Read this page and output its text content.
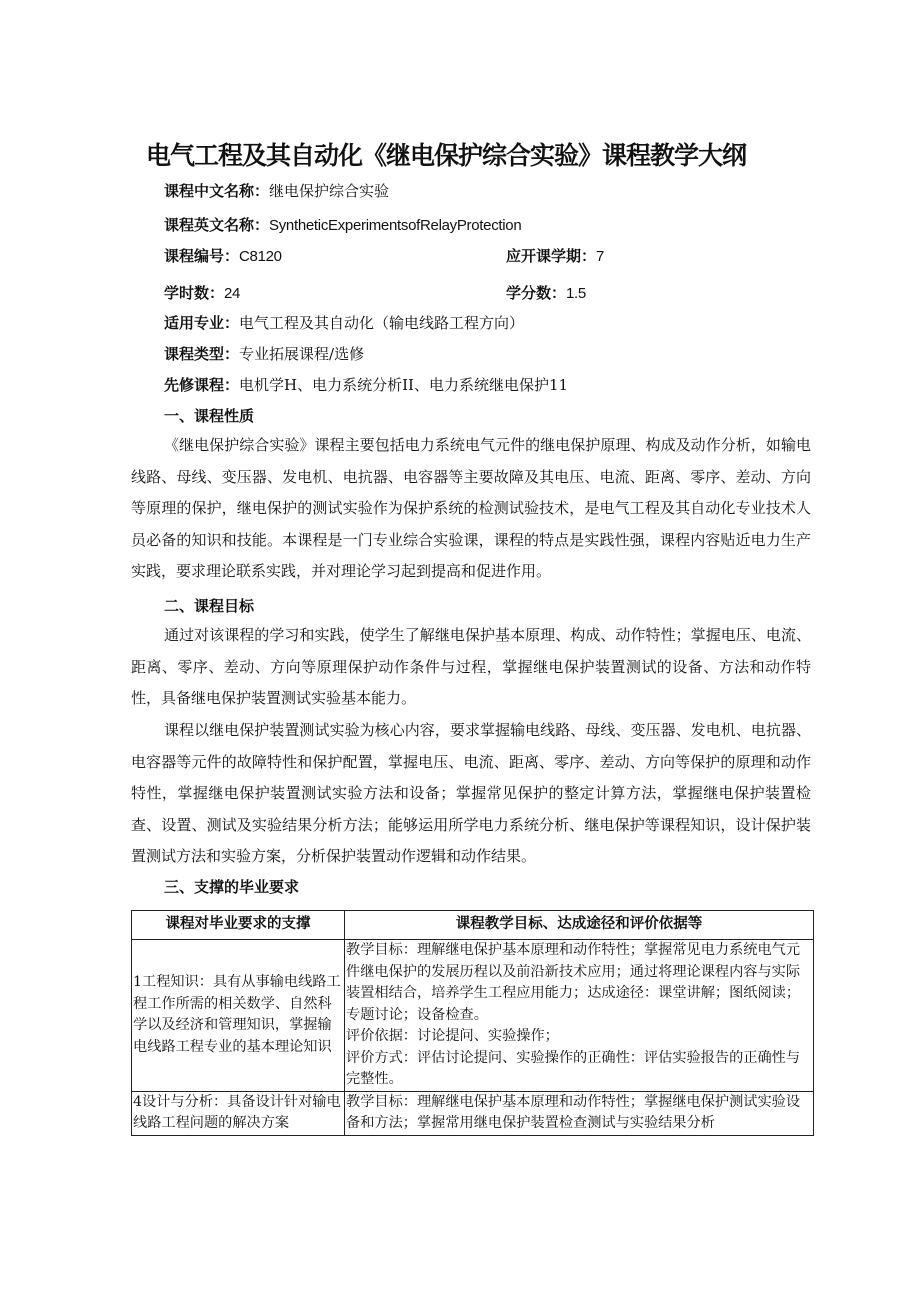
电气工程及其自动化《继电保护综合实验》课程教学大纲
课程中文名称：继电保护综合实验
课程英文名称：SyntheticExperimentsofRelayProtection
课程编号：C8120	应开课学期：7
学时数：24	学分数：1.5
适用专业：电气工程及其自动化（输电线路工程方向）
课程类型：专业拓展课程/选修
先修课程：电机学H、电力系统分析II、电力系统继电保护11
一、课程性质

《继电保护综合实验》课程主要包括电力系统电气元件的继电保护原理、构成及动作分析，如输电线路、母线、变压器、发电机、电抗器、电容器等主要故障及其电压、电流、距离、零序、差动、方向等原理的保护，继电保护的测试实验作为保护系统的检测试验技术，是电气工程及其自动化专业技术人员必备的知识和技能。本课程是一门专业综合实验课，课程的特点是实践性强，课程内容贴近电力生产实践，要求理论联系实践，并对理论学习起到提高和促进作用。

二、课程目标

通过对该课程的学习和实践，使学生了解继电保护基本原理、构成、动作特性；掌握电压、电流、距离、零序、差动、方向等原理保护动作条件与过程，掌握继电保护装置测试的设备、方法和动作特性，具备继电保护装置测试实验基本能力。

课程以继电保护装置测试实验为核心内容，要求掌握输电线路、母线、变压器、发电机、电抗器、电容器等元件的故障特性和保护配置，掌握电压、电流、距离、零序、差动、方向等保护的原理和动作特性，掌握继电保护装置测试实验方法和设备；掌握常见保护的整定计算方法，掌握继电保护装置检查、设置、测试及实验结果分析方法；能够运用所学电力系统分析、继电保护等课程知识，设计保护装置测试方法和实验方案，分析保护装置动作逻辑和动作结果。

三、支撑的毕业要求
课程对毕业要求的支撑	课程教学目标、达成途径和评价依据等
1工程知识：具有从事输电线路工程工作所需的相关数学、自然科学以及经济和管理知识，掌握输电线路工程专业的基本理论知识	教学目标：理解继电保护基本原理和动作特性；掌握常见电力系统电气元件继电保护的发展历程以及前沿新技术应用；通过将理论课程内容与实际装置相结合，培养学生工程应用能力；达成途径：课堂讲解；图纸阅读；专题讨论；设备检查。
评价依据：讨论提问、实验操作；
评价方式：评估讨论提问、实验操作的正确性：评估实验报告的正确性与完整性。

4设计与分析：具备设计针对输电线路工程问题的解决方案	教学目标：理解继电保护基本原理和动作特性；掌握继电保护测试实验设备和方法；掌握常用继电保护装置检查测试与实验结果分析
